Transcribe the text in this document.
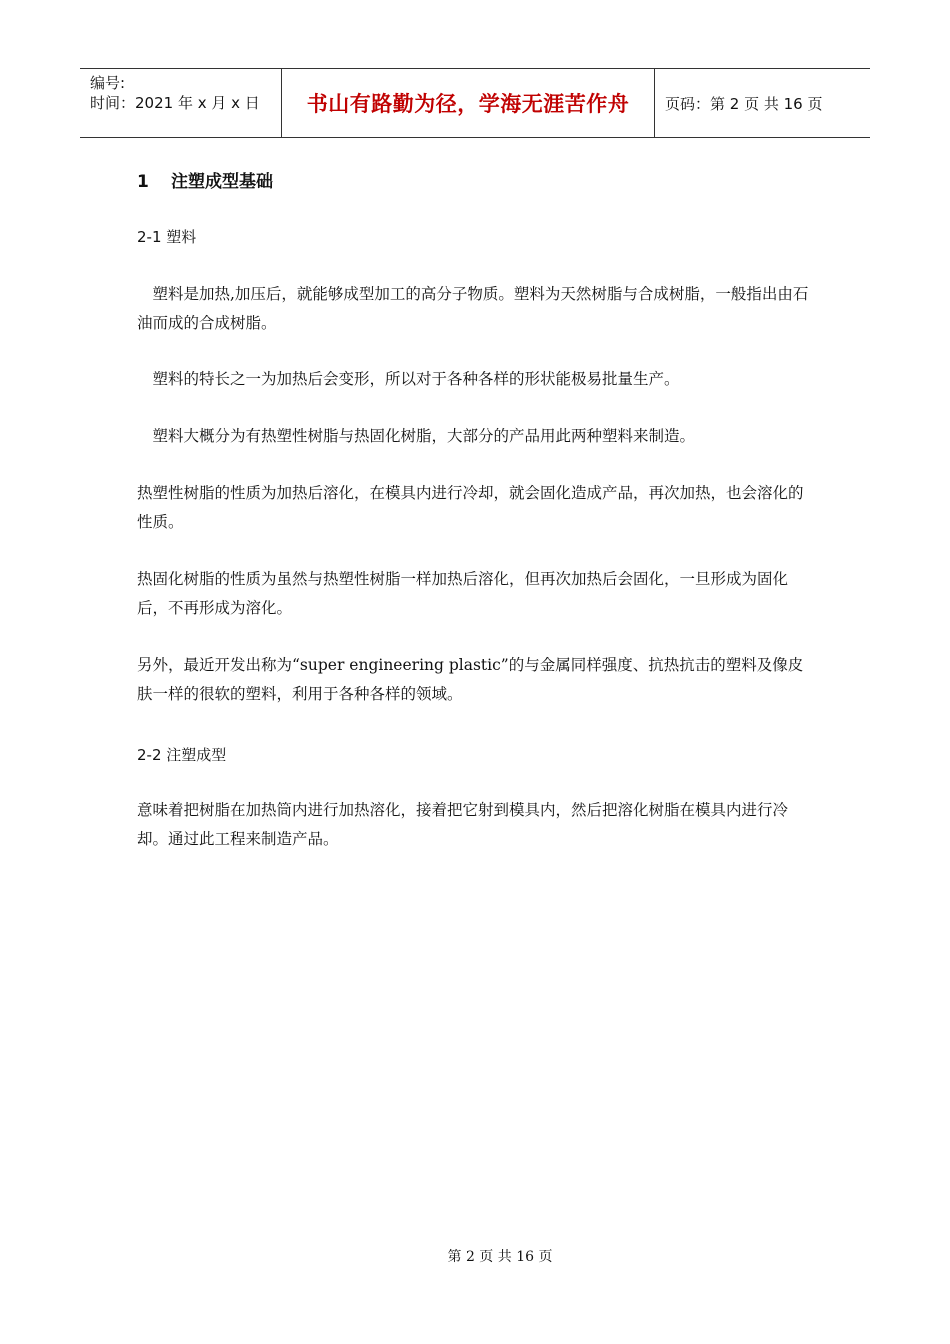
编号:
时间：2021 年 x 月 x 日	书山有路勤为径，学海无涯苦作舟 页码：第 2 页 共 16 页
1 注塑成型基础
2-1 塑料

　塑料是加热,加压后，就能够成型加工的高分子物质。塑料为天然树脂与合成树脂，一般指出由石油而成的合成树脂。

　塑料的特长之一为加热后会变形，所以对于各种各样的形状能极易批量生产。

　塑料大概分为有热塑性树脂与热固化树脂，大部分的产品用此两种塑料来制造。

热塑性树脂的性质为加热后溶化，在模具内进行冷却，就会固化造成产品，再次加热，也会溶化的性质。

热固化树脂的性质为虽然与热塑性树脂一样加热后溶化，但再次加热后会固化，一旦形成为固化后，不再形成为溶化。

另外，最近开发出称为“super engineering plastic”的与金属同样强度、抗热抗击的塑料及像皮肤一样的很软的塑料，利用于各种各样的领域。

2-2 注塑成型

意味着把树脂在加热筒内进行加热溶化，接着把它射到模具内，然后把溶化树脂在模具内进行冷却。通过此工程来制造产品。

第 2 页 共 16 页
